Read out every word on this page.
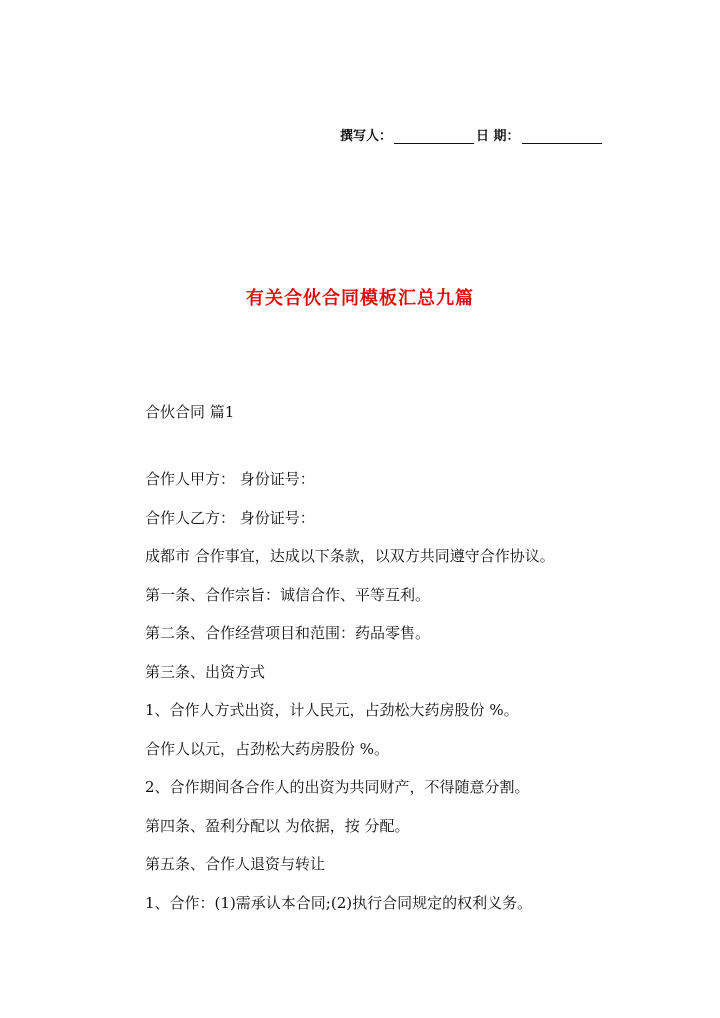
撰写人：	日 期：
有关合伙合同模板汇总九篇
合伙合同 篇1
合作人甲方： 身份证号：
合作人乙方： 身份证号：
成都市 合作事宜，达成以下条款，以双方共同遵守合作协议。
第一条、合作宗旨：诚信合作、平等互利。
第二条、合作经营项目和范围：药品零售。
第三条、出资方式
1、合作人方式出资，计人民元，占劲松大药房股份 %。
合作人以元，占劲松大药房股份 %。
2、合作期间各合作人的出资为共同财产，不得随意分割。
第四条、盈利分配以 为依据，按 分配。
第五条、合作人退资与转让
1、合作：(1)需承认本合同;(2)执行合同规定的权利义务。
